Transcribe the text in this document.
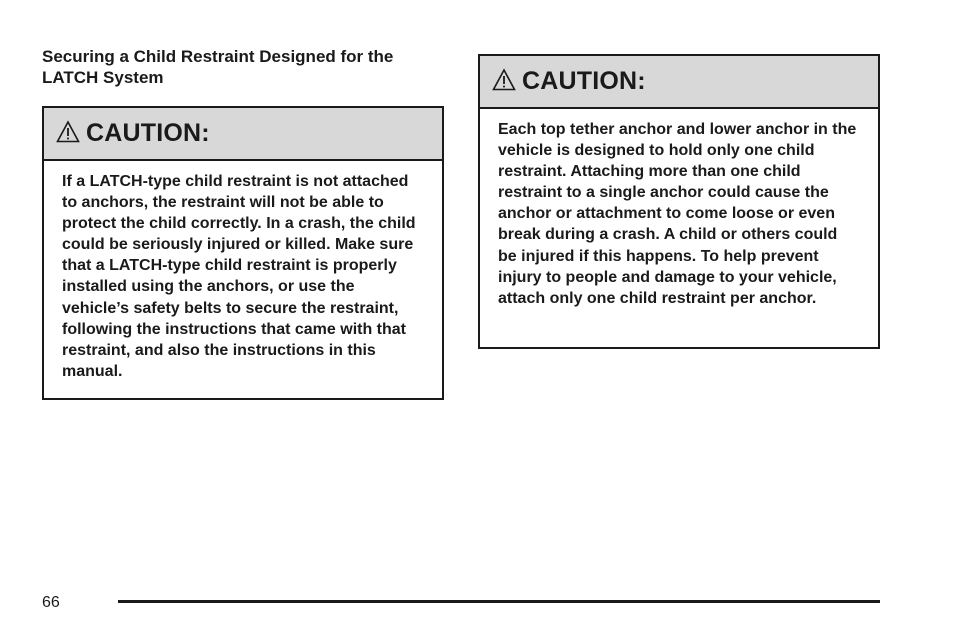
Securing a Child Restraint Designed for the LATCH System
CAUTION:

If a LATCH-type child restraint is not attached to anchors, the restraint will not be able to protect the child correctly. In a crash, the child could be seriously injured or killed. Make sure that a LATCH-type child restraint is properly installed using the anchors, or use the vehicle’s safety belts to secure the restraint, following the instructions that came with that restraint, and also the instructions in this manual.

CAUTION:

Each top tether anchor and lower anchor in the vehicle is designed to hold only one child restraint. Attaching more than one child restraint to a single anchor could cause the anchor or attachment to come loose or even break during a crash. A child or others could be injured if this happens. To help prevent injury to people and damage to your vehicle, attach only one child restraint per anchor.

66
